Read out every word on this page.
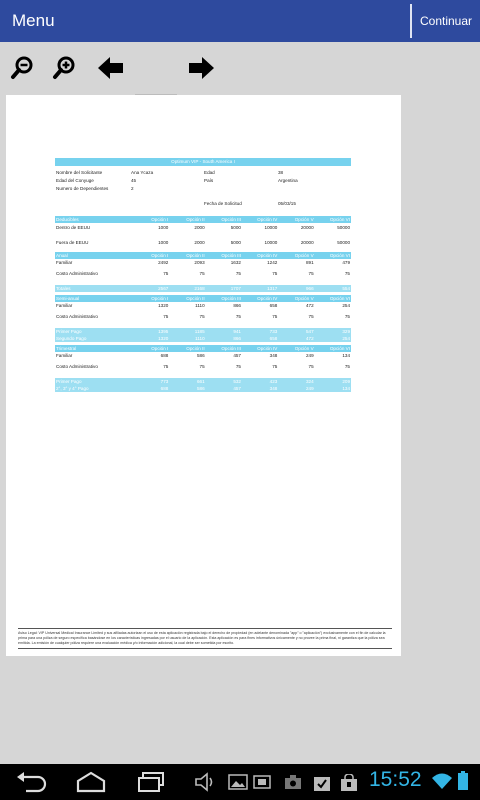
Menu	Continuar
Optimum VIP - South America I
Nombre del Solicitante	Ana Ycaza	Edad	38
Edad del Conyuge	45	País	Argentina
Numero de Dependientes	2
Fecha de Solicitud	05/03/15
Deducibles	Opción I	Opción II	Opción III	Opción IV	Opción V	Opción VI
Dentro de EEUU	1000	2000	5000	10000	20000	50000
Fuera de EEUU	1000	2000	5000	10000	20000	50000

Anual	Opción I	Opción II	Opción III	Opción IV	Opción V	Opción VI
Familiar	2492	2093	1632	1242	891	479
Costo Administrativo	75	75	75	75	75	75
Totales	2567	2168	1707	1317	966	554

Semi-anual	Opción I	Opción II	Opción III	Opción IV	Opción V	Opción VI
Familiar	1320	1110	866	658	472	254
Costo Administrativo	75	75	75	75	75	75
Primer Pago	1395	1185	941	733	547	329
Segundo Pago	1320	1110	866	658	472	254

Trimestral	Opción I	Opción II	Opción III	Opción IV	Opción V	Opción VI
Familiar	688	586	457	348	249	134
Costo Administrativo	75	75	75	75	75	75
Primer Pago	773	661	532	423	324	209
2°, 3° y 4° Pago	688	586	457	348	249	134
Aviso Legal: VIP Universal Medical Insurance Limited y sus afiliadas autorizan el uso de esta aplicación registrada bajo el derecho de propiedad (en adelante denominada "app" o "aplicación") exclusivamente con el fin de calcular la prima para una póliza de seguro específica basándose en los características ingresadas por el usuario de la aplicación. Esta aplicación es para fines informativos únicamente y no provee la prima final, ni garantiza que la póliza sea emitida. La emisión de cualquier póliza requiere una evaluación médica y/o información adicional, la cual debe ser sometida por escrito.
15:52
